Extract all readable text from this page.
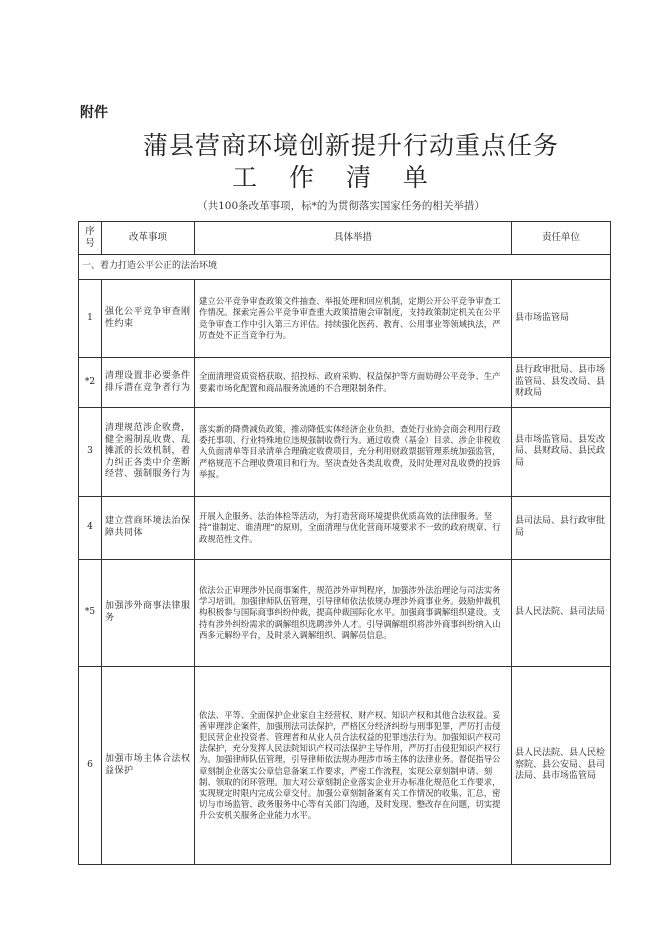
附件
蒲县营商环境创新提升行动重点任务
工 作 清 单
（共100条改革事项，标*的为贯彻落实国家任务的相关举措）
序号	改革事项	具体举措	责任单位
一、着力打造公平公正的法治环境			
1	强化公平竞争审查刚性约束	建立公平竞争审查政策文件抽查、举报处理和回应机制，定期公开公平竞争审查工作情况。探索完善公平竞争审查重大政策措施会审制度，支持政策制定机关在公平竞争审查工作中引入第三方评估。持续强化医药、教育、公用事业等领域执法，严厉查处不正当竞争行为。	县市场监管局
*2	清理设置非必要条件排斥潜在竞争者行为	全面清理资质资格获取、招投标、政府采购、权益保护等方面妨碍公平竞争、生产要素市场化配置和商品服务流通的不合理限制条件。	县行政审批局、县市场监管局、县发改局、县财政局
3	清理规范涉企收费，健全遏制乱收费、乱摊派的长效机制，着力纠正各类中介垄断经营、强制服务行为	落实新的降费减负政策，推动降低实体经济企业负担，查处行业协会商会利用行政委托事项、行业特殊地位违规强制收费行为。通过收费（基金）目录、涉企非税收入负面清单等目录清单合理确定收费项目，充分利用财政票据管理系统加强监管，严格规范不合理收费项目和行为。坚决查处各类乱收费，及时处理对乱收费的投诉举报。	县市场监管局、县发改局、县财政局、县民政局
4	建立营商环境法治保障共同体	开展入企服务、法治体检等活动，为打造营商环境提供优质高效的法律服务。坚持“谁制定、谁清理”的原则，全面清理与优化营商环境要求不一致的政府规章、行政规范性文件。	县司法局、县行政审批局
*5	加强涉外商事法律服务	依法公正审理涉外民商事案件，规范涉外审判程序，加强涉外法治理论与司法实务学习培训。加强律师队伍管理，引导律师依法依规办理涉外商事业务。鼓励仲裁机构积极参与国际商事纠纷仲裁，提高仲裁国际化水平。加强商事调解组织建设。支持有涉外纠纷需求的调解组织选聘涉外人才。引导调解组织将涉外商事纠纷纳入山西多元解纷平台，及时录入调解组织、调解员信息。	县人民法院、县司法局
6	加强市场主体合法权益保护	依法、平等、全面保护企业家自主经营权、财产权、知识产权和其他合法权益。妥善审理涉企案件，加强刑法司法保护，严格区分经济纠纷与刑事犯罪，严厉打击侵犯民营企业投资者、管理者和从业人员合法权益的犯罪违法行为。加强知识产权司法保护，充分发挥人民法院知识产权司法保护主导作用，严厉打击侵犯知识产权行为。加强律师队伍管理，引导律师依法规办理涉市场主体的法律业务。督促指导公章刻制企业落实公章信息备案工作要求，严密工作流程，实现公章刻制申请、刻制、领取的闭环管理。加大对公章刻制企业落实企业开办标准化规范化工作要求，实现规定时限内完成公章交付。加强公章刻制备案有关工作情况的收集、汇总，密切与市场监管、政务服务中心等有关部门沟通，及时发现、整改存在问题，切实提升公安机关服务企业能力水平。	县人民法院、县人民检察院、县公安局、县司法局、县市场监管局
